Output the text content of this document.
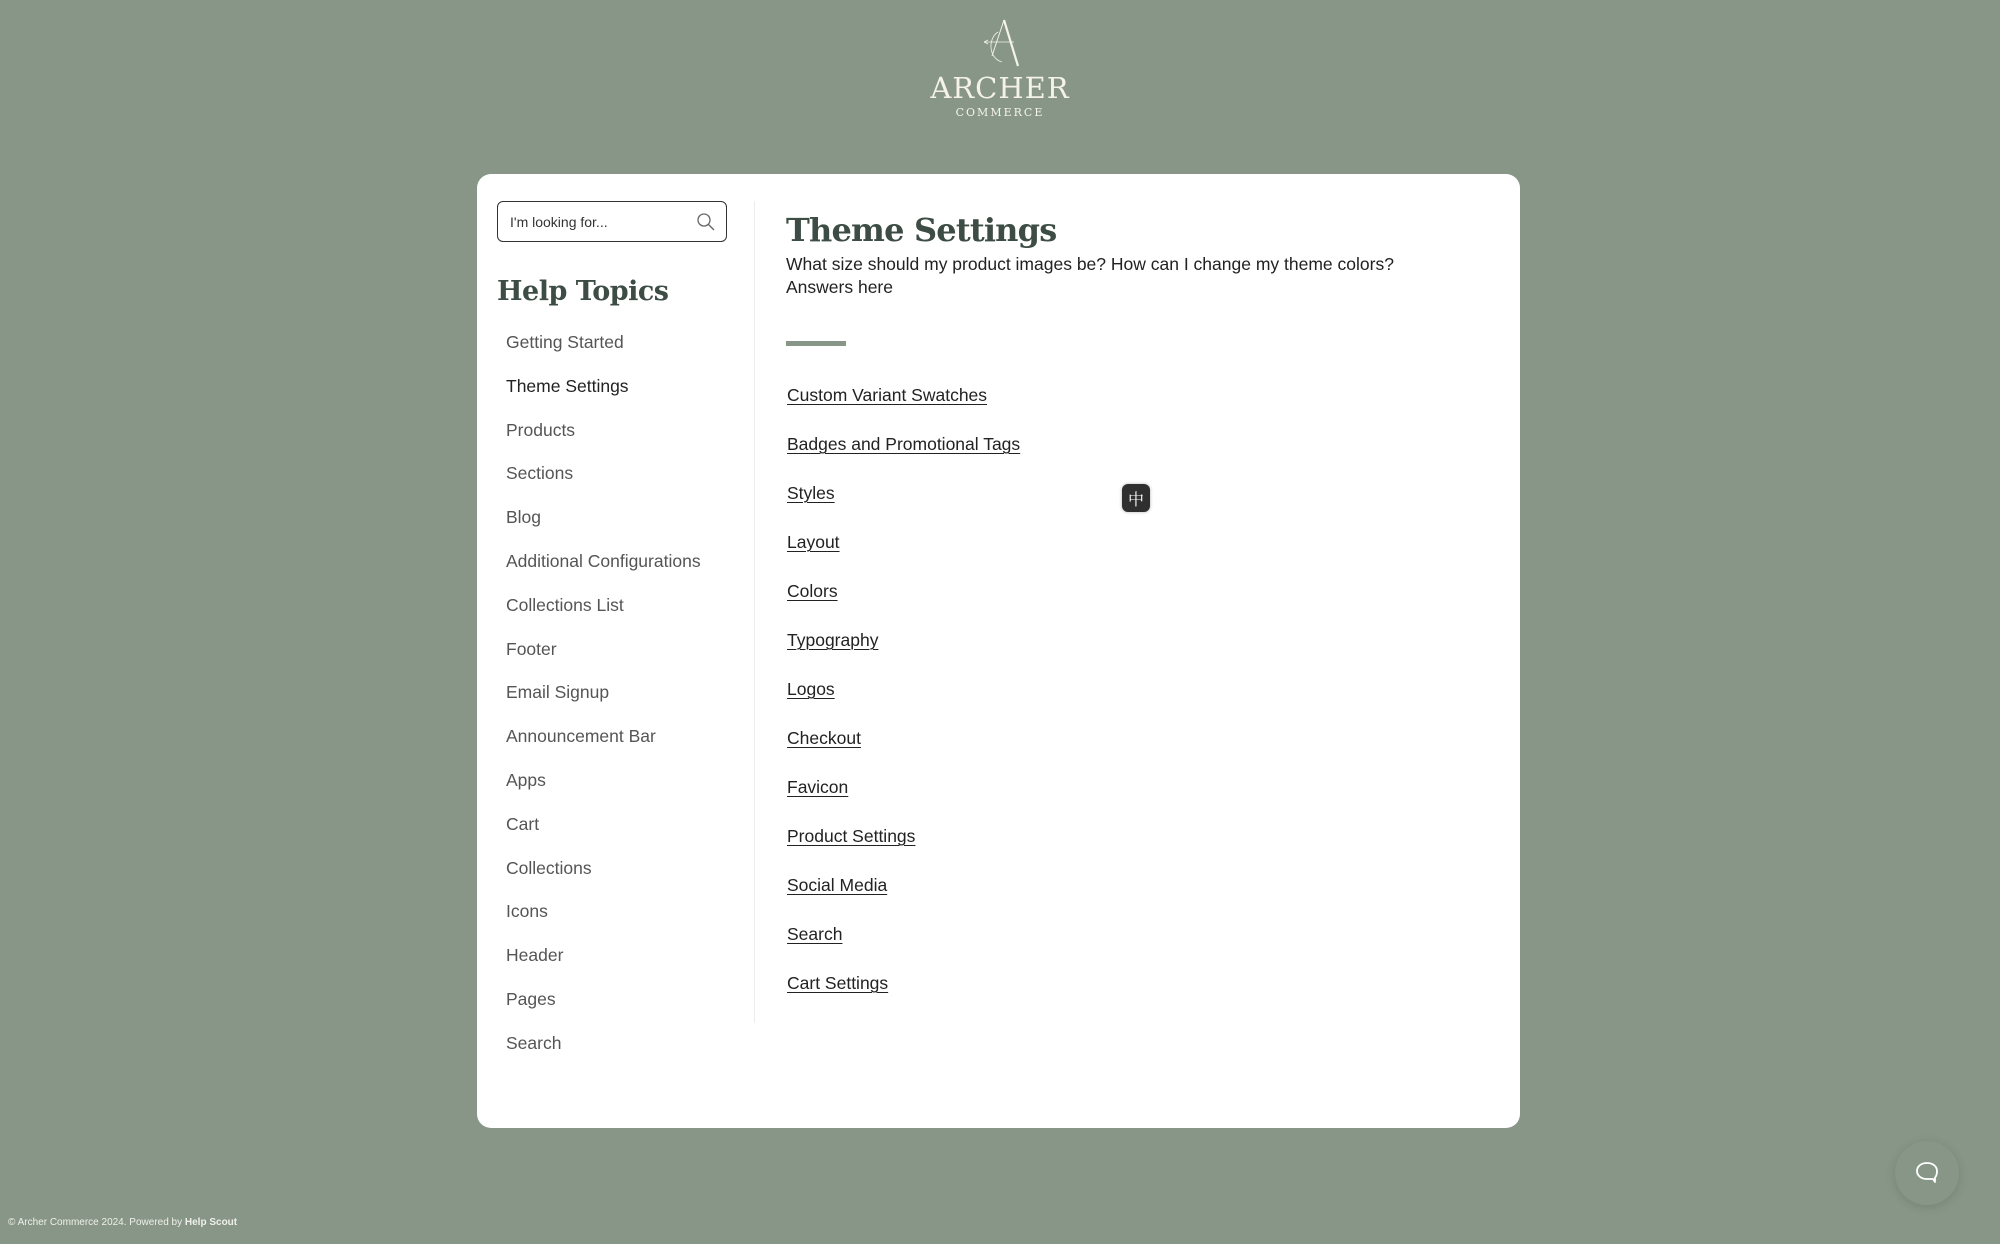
ARCHER
COMMERCE
I'm looking for...
Help Topics
Getting Started
Theme Settings
Products
Sections
Blog
Additional Configurations
Collections List
Footer
Email Signup
Announcement Bar
Apps
Cart
Collections
Icons
Header
Pages
Search
Theme Settings
What size should my product images be? How can I change my theme colors? Answers here
Custom Variant Swatches
Badges and Promotional Tags
Styles
Layout
Colors
Typography
Logos
Checkout
Favicon
Product Settings
Social Media
Search
Cart Settings
中
© Archer Commerce 2024. Powered by Help Scout
